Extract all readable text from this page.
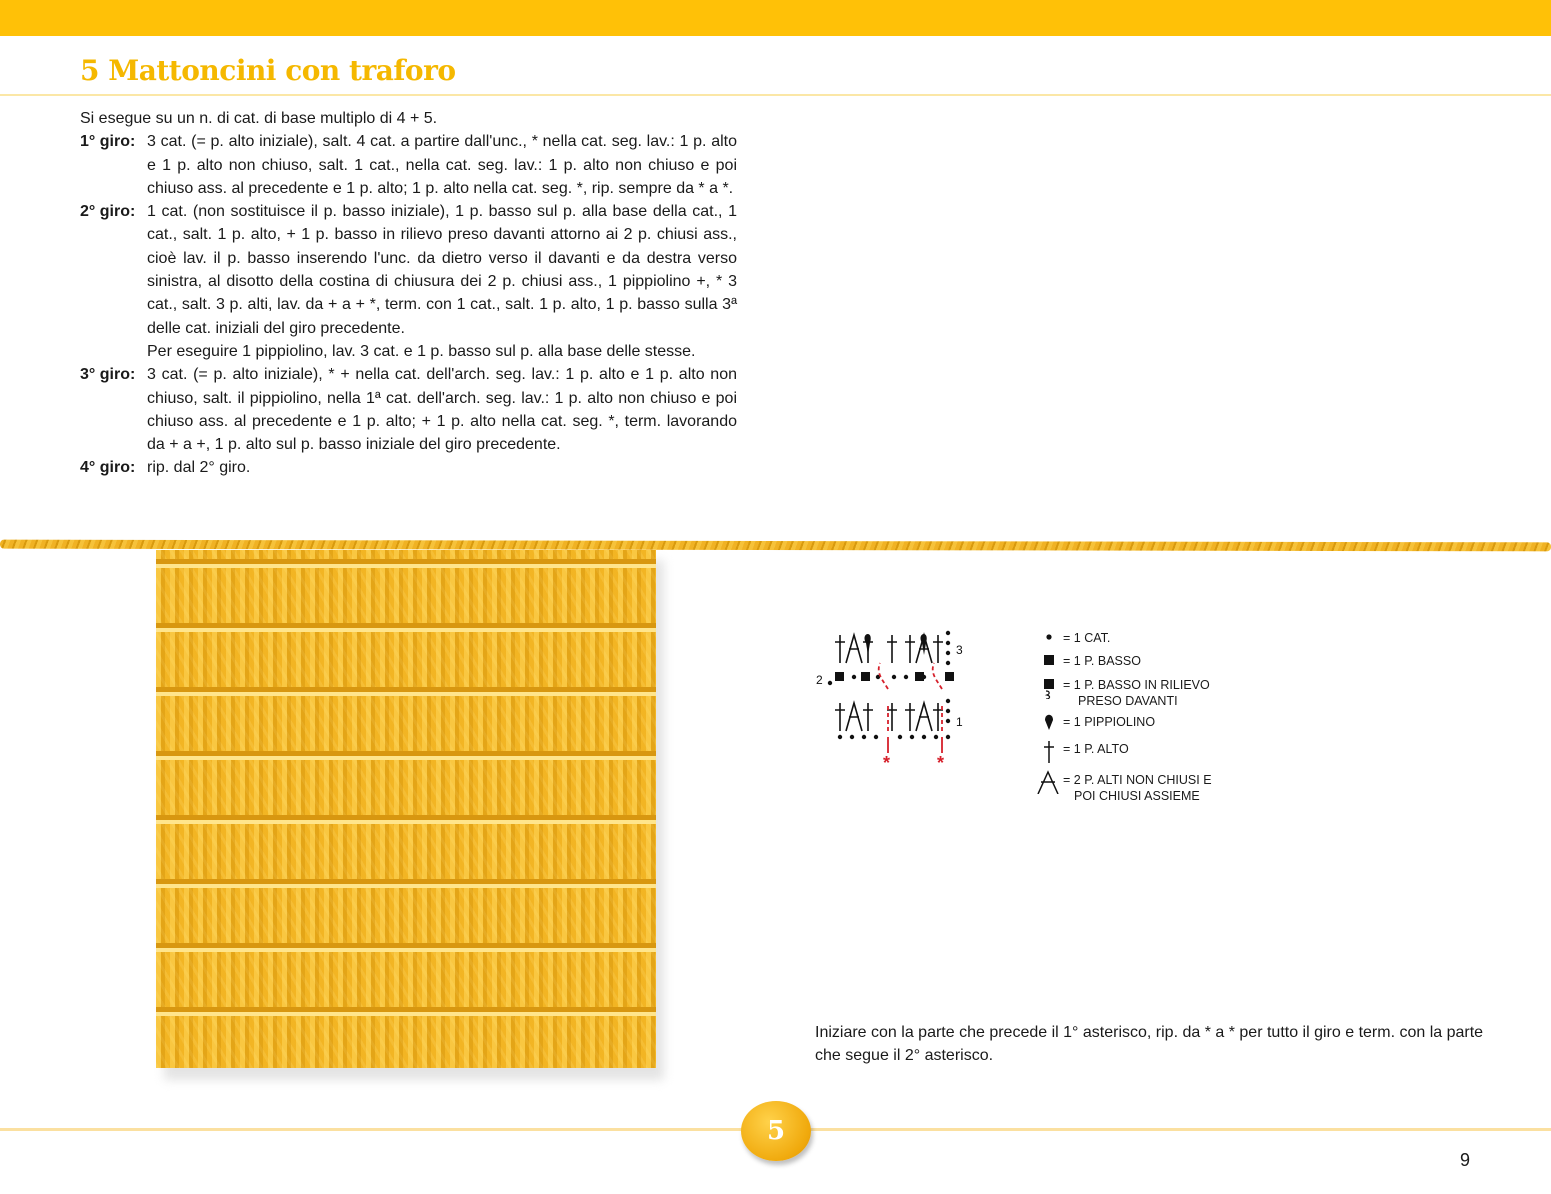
5 Mattoncini con traforo

Si esegue su un n. di cat. di base multiplo di 4 + 5.

1° giro: 3 cat. (= p. alto iniziale), salt. 4 cat. a partire dall'unc., * nella cat. seg. lav.: 1 p. alto e 1 p. alto non chiuso, salt. 1 cat., nella cat. seg. lav.: 1 p. alto non chiuso e poi chiuso ass. al precedente e 1 p. alto; 1 p. alto nella cat. seg. *, rip. sempre da * a *.

2° giro: 1 cat. (non sostituisce il p. basso iniziale), 1 p. basso sul p. alla base della cat., 1 cat., salt. 1 p. alto, + 1 p. basso in rilievo preso davanti attorno ai 2 p. chiusi ass., cioè lav. il p. basso inserendo l'unc. da dietro verso il davanti e da destra verso sinistra, al disotto della costina di chiusura dei 2 p. chiusi ass., 1 pippiolino +, * 3 cat., salt. 3 p. alti, lav. da + a + *, term. con 1 cat., salt. 1 p. alto, 1 p. basso sulla 3ª delle cat. iniziali del giro precedente.

Per eseguire 1 pippiolino, lav. 3 cat. e 1 p. basso sul p. alla base delle stesse.

3° giro: 3 cat. (= p. alto iniziale), * + nella cat. dell'arch. seg. lav.: 1 p. alto e 1 p. alto non chiuso, salt. il pippiolino, nella 1ª cat. dell'arch. seg. lav.: 1 p. alto non chiuso e poi chiuso ass. al precedente e 1 p. alto; + 1 p. alto nella cat. seg. *, term. lavorando da + a +, 1 p. alto sul p. basso iniziale del giro precedente.

4° giro: rip. dal 2° giro.

2
3
1
*	*
= 1 CAT.
= 1 P. BASSO
= 1 P. BASSO IN RILIEVO
PRESO DAVANTI
= 1 PIPPIOLINO
= 1 P. ALTO
= 2 P. ALTI NON CHIUSI E
POI CHIUSI ASSIEME

Iniziare con la parte che precede il 1° asterisco, rip. da * a * per tutto il giro e term. con la parte che segue il 2° asterisco.

5
9
